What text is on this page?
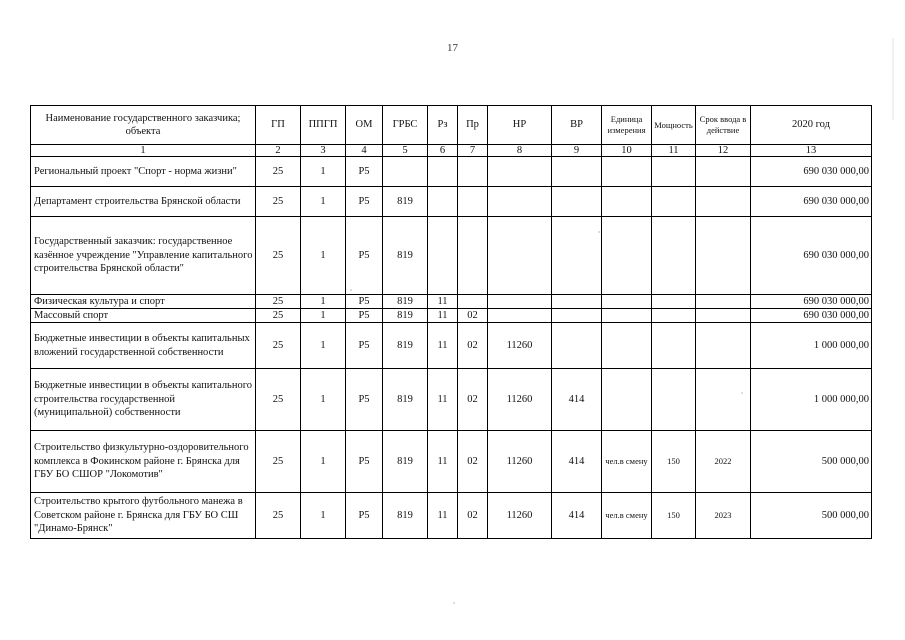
17
Наименование государственного заказчика; объекта	ГП	ППГП	ОМ	ГРБС	Рз	Пр	НР	ВР	Единица измерения	Мощность	Срок ввода в действие	2020 год
1	2	3	4	5	6	7	8	9	10	11	12	13
Региональный проект "Спорт - норма жизни"	25	1	Р5									690 030 000,00
Департамент строительства Брянской области	25	1	Р5	819								690 030 000,00
Государственный заказчик: государственное казённое учреждение "Управление капитального строительства Брянской области"	25	1	Р5	819								690 030 000,00
Физическая культура и спорт	25	1	Р5	819	11							690 030 000,00
Массовый спорт	25	1	Р5	819	11	02						690 030 000,00
Бюджетные инвестиции в объекты капитальных вложений государственной собственности	25	1	Р5	819	11	02	11260					1 000 000,00
Бюджетные инвестиции в объекты капитального строительства государственной (муниципальной) собственности	25	1	Р5	819	11	02	11260	414				1 000 000,00
Строительство физкультурно-оздоровительного комплекса в Фокинском районе г. Брянска для ГБУ БО СШОР "Локомотив"	25	1	Р5	819	11	02	11260	414	чел.в смену	150	2022	500 000,00
Строительство крытого футбольного манежа в Советском районе г. Брянска для ГБУ БО СШ "Динамо-Брянск"	25	1	Р5	819	11	02	11260	414	чел.в смену	150	2023	500 000,00
